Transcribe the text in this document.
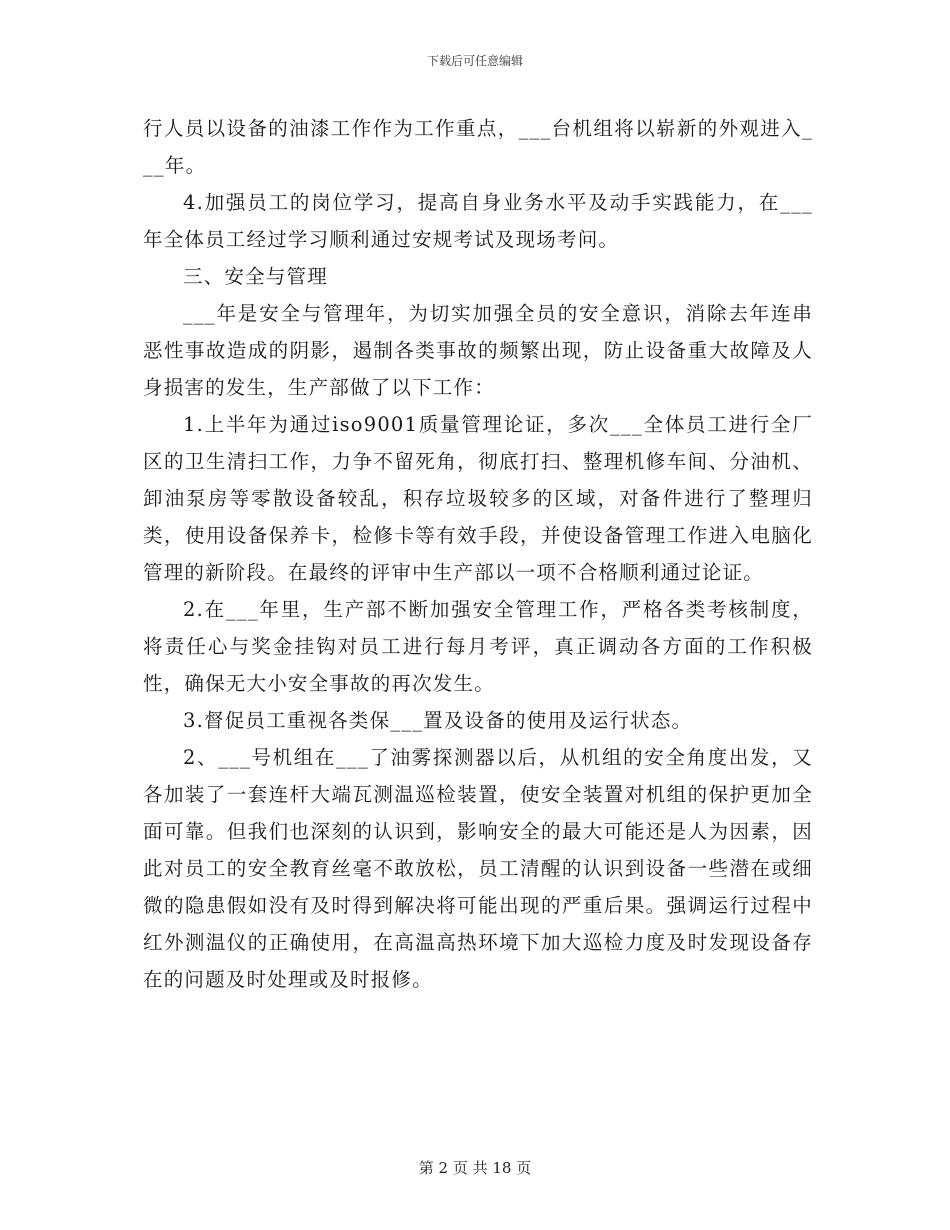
下载后可任意编辑

行人员以设备的油漆工作作为工作重点，___台机组将以崭新的外观进入___年。

4.加强员工的岗位学习，提高自身业务水平及动手实践能力，在___年全体员工经过学习顺利通过安规考试及现场考问。

三、安全与管理

___年是安全与管理年，为切实加强全员的安全意识，消除去年连串恶性事故造成的阴影，遏制各类事故的频繁出现，防止设备重大故障及人身损害的发生，生产部做了以下工作：

1.上半年为通过iso9001质量管理论证，多次___全体员工进行全厂区的卫生清扫工作，力争不留死角，彻底打扫、整理机修车间、分油机、卸油泵房等零散设备较乱，积存垃圾较多的区域，对备件进行了整理归类，使用设备保养卡，检修卡等有效手段，并使设备管理工作进入电脑化管理的新阶段。在最终的评审中生产部以一项不合格顺利通过论证。

2.在___年里，生产部不断加强安全管理工作，严格各类考核制度，将责任心与奖金挂钩对员工进行每月考评，真正调动各方面的工作积极性，确保无大小安全事故的再次发生。

3.督促员工重视各类保___置及设备的使用及运行状态。

2、___号机组在___了油雾探测器以后，从机组的安全角度出发，又各加装了一套连杆大端瓦测温巡检装置，使安全装置对机组的保护更加全面可靠。但我们也深刻的认识到，影响安全的最大可能还是人为因素，因此对员工的安全教育丝毫不敢放松，员工清醒的认识到设备一些潜在或细微的隐患假如没有及时得到解决将可能出现的严重后果。强调运行过程中红外测温仪的正确使用，在高温高热环境下加大巡检力度及时发现设备存在的问题及时处理或及时报修。

第 2 页 共 18 页
